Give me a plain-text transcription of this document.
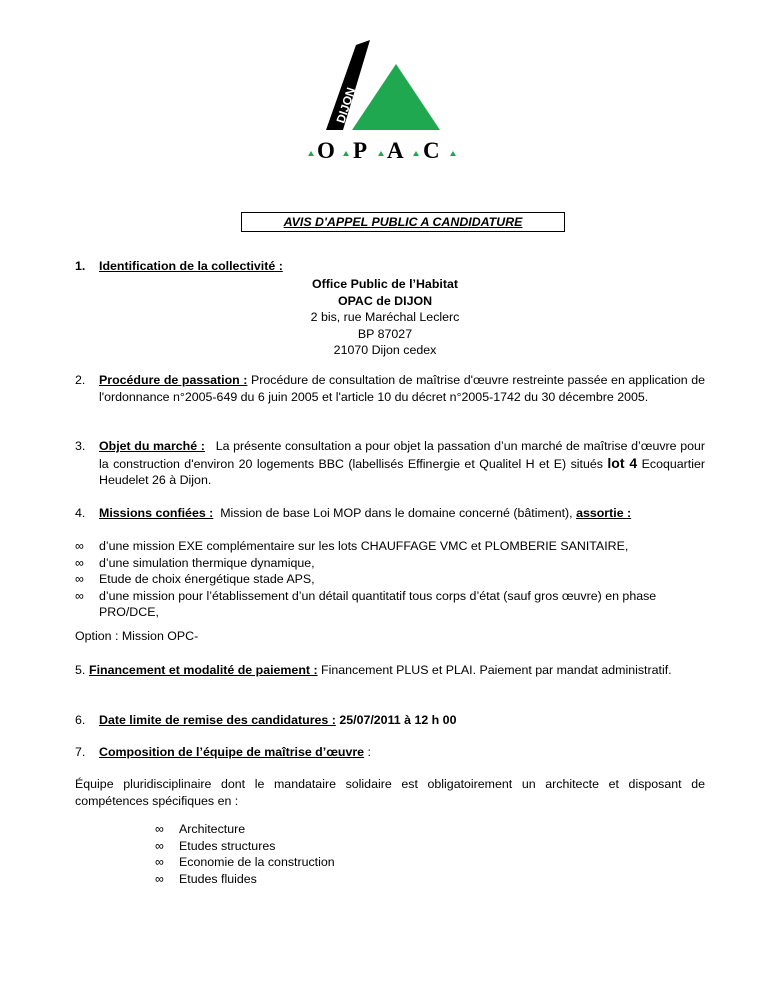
DIJON
O P A C
AVIS D'APPEL PUBLIC A CANDIDATURE
1.	Identification de la collectivité :
Office Public de l’Habitat
OPAC de DIJON
2 bis, rue Maréchal Leclerc
BP 87027
21070 Dijon cedex
2.	Procédure de passation : Procédure de consultation de maîtrise d'œuvre restreinte passée en application de l'ordonnance n°2005-649 du 6 juin 2005 et l'article 10 du décret n°2005-1742 du 30 décembre 2005.
3.	Objet du marché : La présente consultation a pour objet la passation d’un marché de maîtrise d’œuvre pour la construction d'environ 20 logements BBC (labellisés Effinergie et Qualitel H et E) situés lot 4 Ecoquartier Heudelet 26 à Dijon.
4.	Missions confiées : Mission de base Loi MOP dans le domaine concerné (bâtiment), assortie :
∞	d’une mission EXE complémentaire sur les lots CHAUFFAGE VMC et PLOMBERIE SANITAIRE,
∞	d’une simulation thermique dynamique,
∞	Etude de choix énergétique stade APS,
∞	d’une mission pour l’établissement d’un détail quantitatif tous corps d’état (sauf gros œuvre) en phase PRO/DCE,
Option : Mission OPC-
5. Financement et modalité de paiement : Financement PLUS et PLAI. Paiement par mandat administratif.
6.	Date limite de remise des candidatures : 25/07/2011 à 12 h 00
7.	Composition de l’équipe de maîtrise d’œuvre :
Équipe pluridisciplinaire dont le mandataire solidaire est obligatoirement un architecte et disposant de compétences spécifiques en :
∞	Architecture
∞	Etudes structures
∞	Economie de la construction
∞	Etudes fluides
